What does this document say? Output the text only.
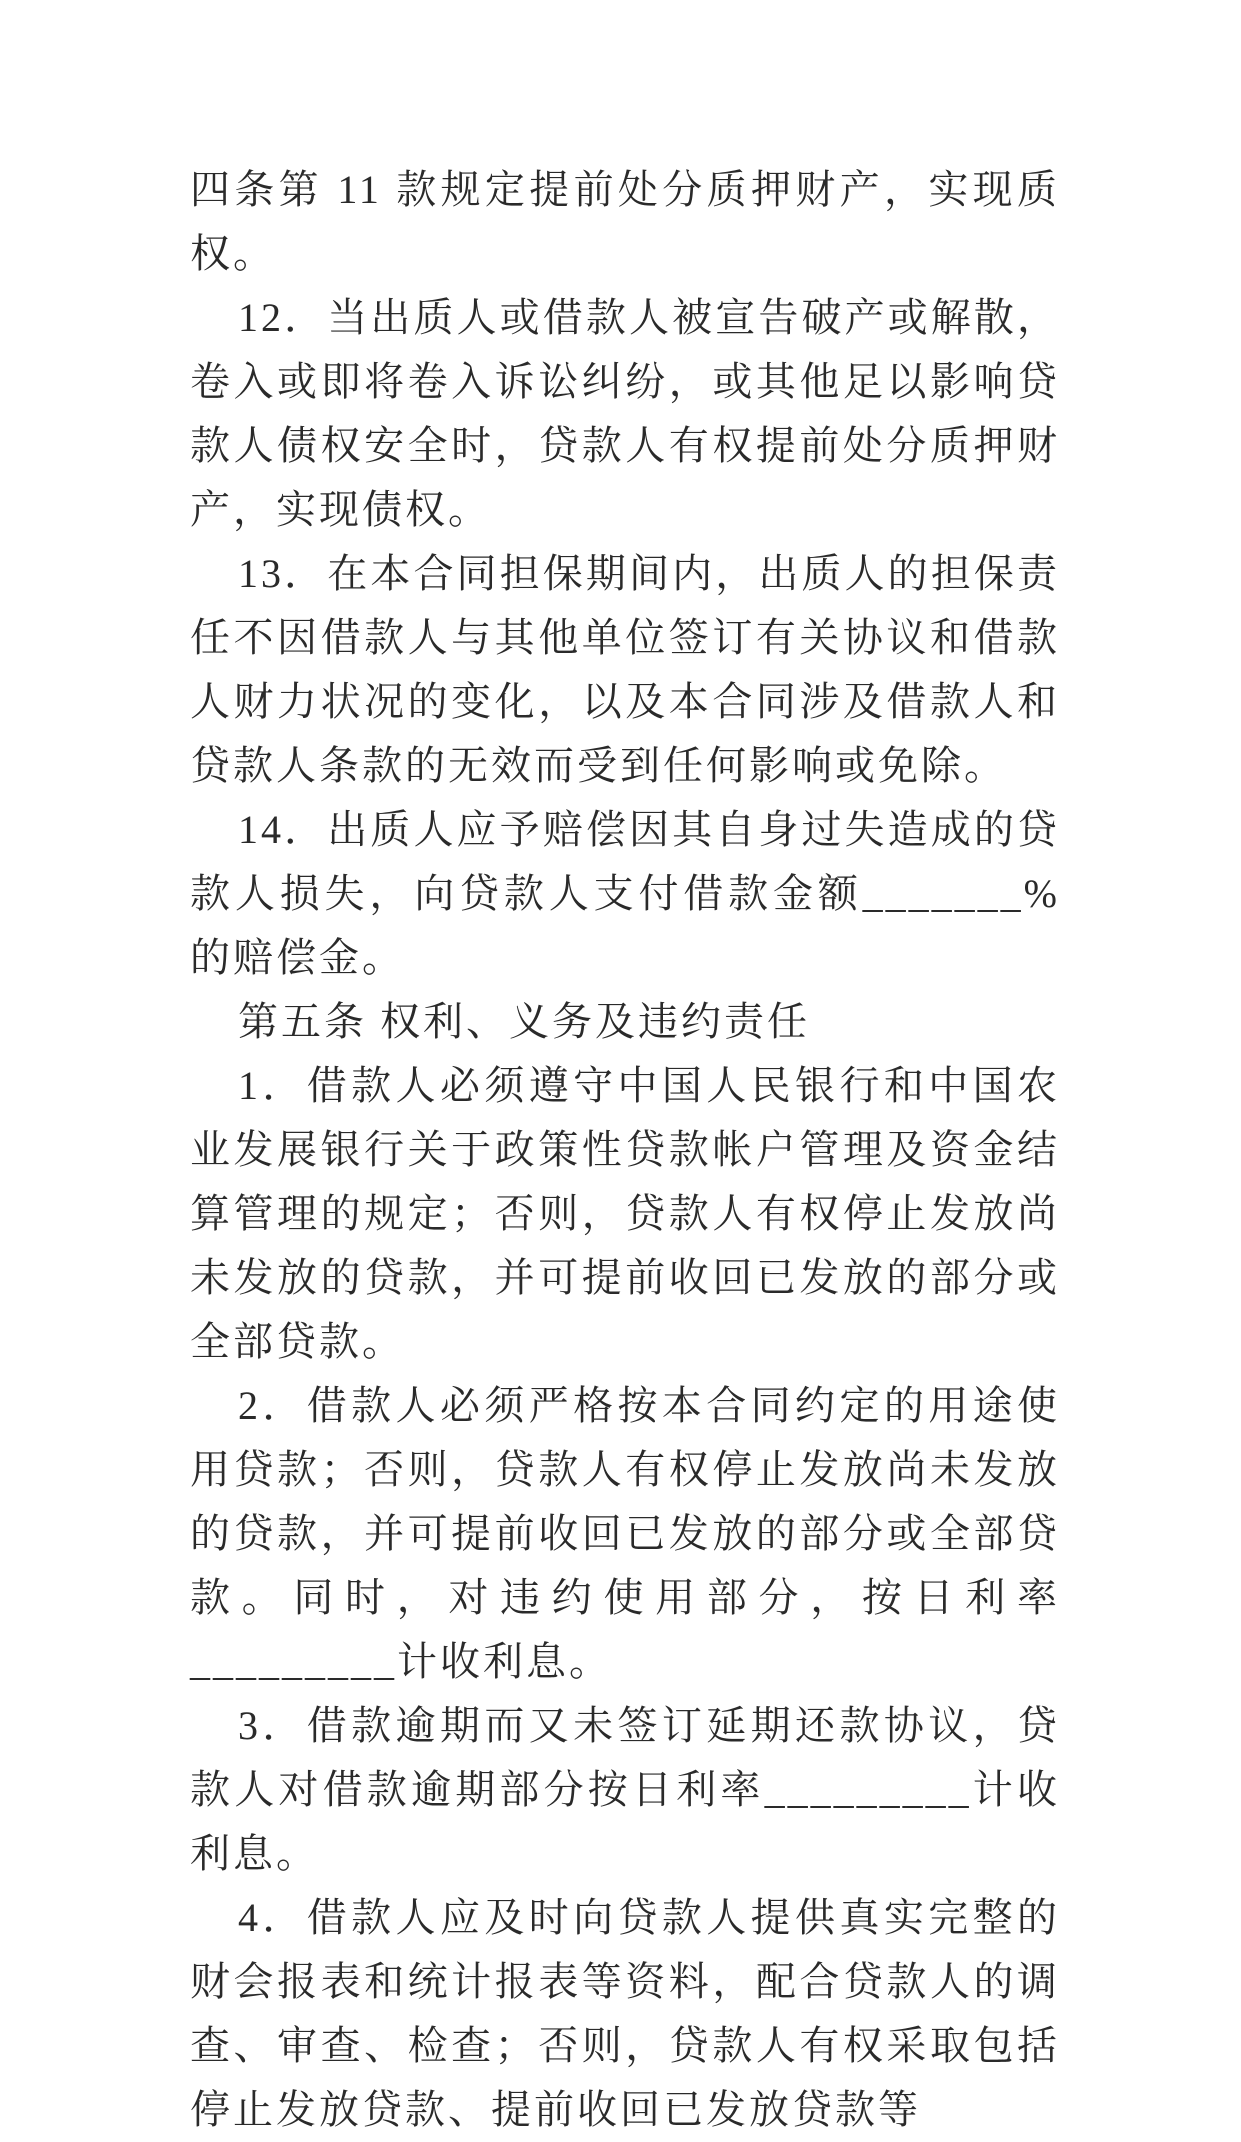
四条第 11 款规定提前处分质押财产，实现质权。

12．当出质人或借款人被宣告破产或解散，卷入或即将卷入诉讼纠纷，或其他足以影响贷款人债权安全时，贷款人有权提前处分质押财产，实现债权。

13．在本合同担保期间内，出质人的担保责任不因借款人与其他单位签订有关协议和借款人财力状况的变化，以及本合同涉及借款人和贷款人条款的无效而受到任何影响或免除。

14．出质人应予赔偿因其自身过失造成的贷款人损失，向贷款人支付借款金额_______%的赔偿金。

第五条 权利、义务及违约责任

1．借款人必须遵守中国人民银行和中国农业发展银行关于政策性贷款帐户管理及资金结算管理的规定；否则，贷款人有权停止发放尚未发放的贷款，并可提前收回已发放的部分或全部贷款。

2．借款人必须严格按本合同约定的用途使用贷款；否则，贷款人有权停止发放尚未发放的贷款，并可提前收回已发放的部分或全部贷款。同时，对违约使用部分，按日利率_________计收利息。

3．借款逾期而又未签订延期还款协议，贷款人对借款逾期部分按日利率_________计收利息。

4．借款人应及时向贷款人提供真实完整的财会报表和统计报表等资料，配合贷款人的调查、审查、检查；否则，贷款人有权采取包括停止发放贷款、提前收回已发放贷款等
